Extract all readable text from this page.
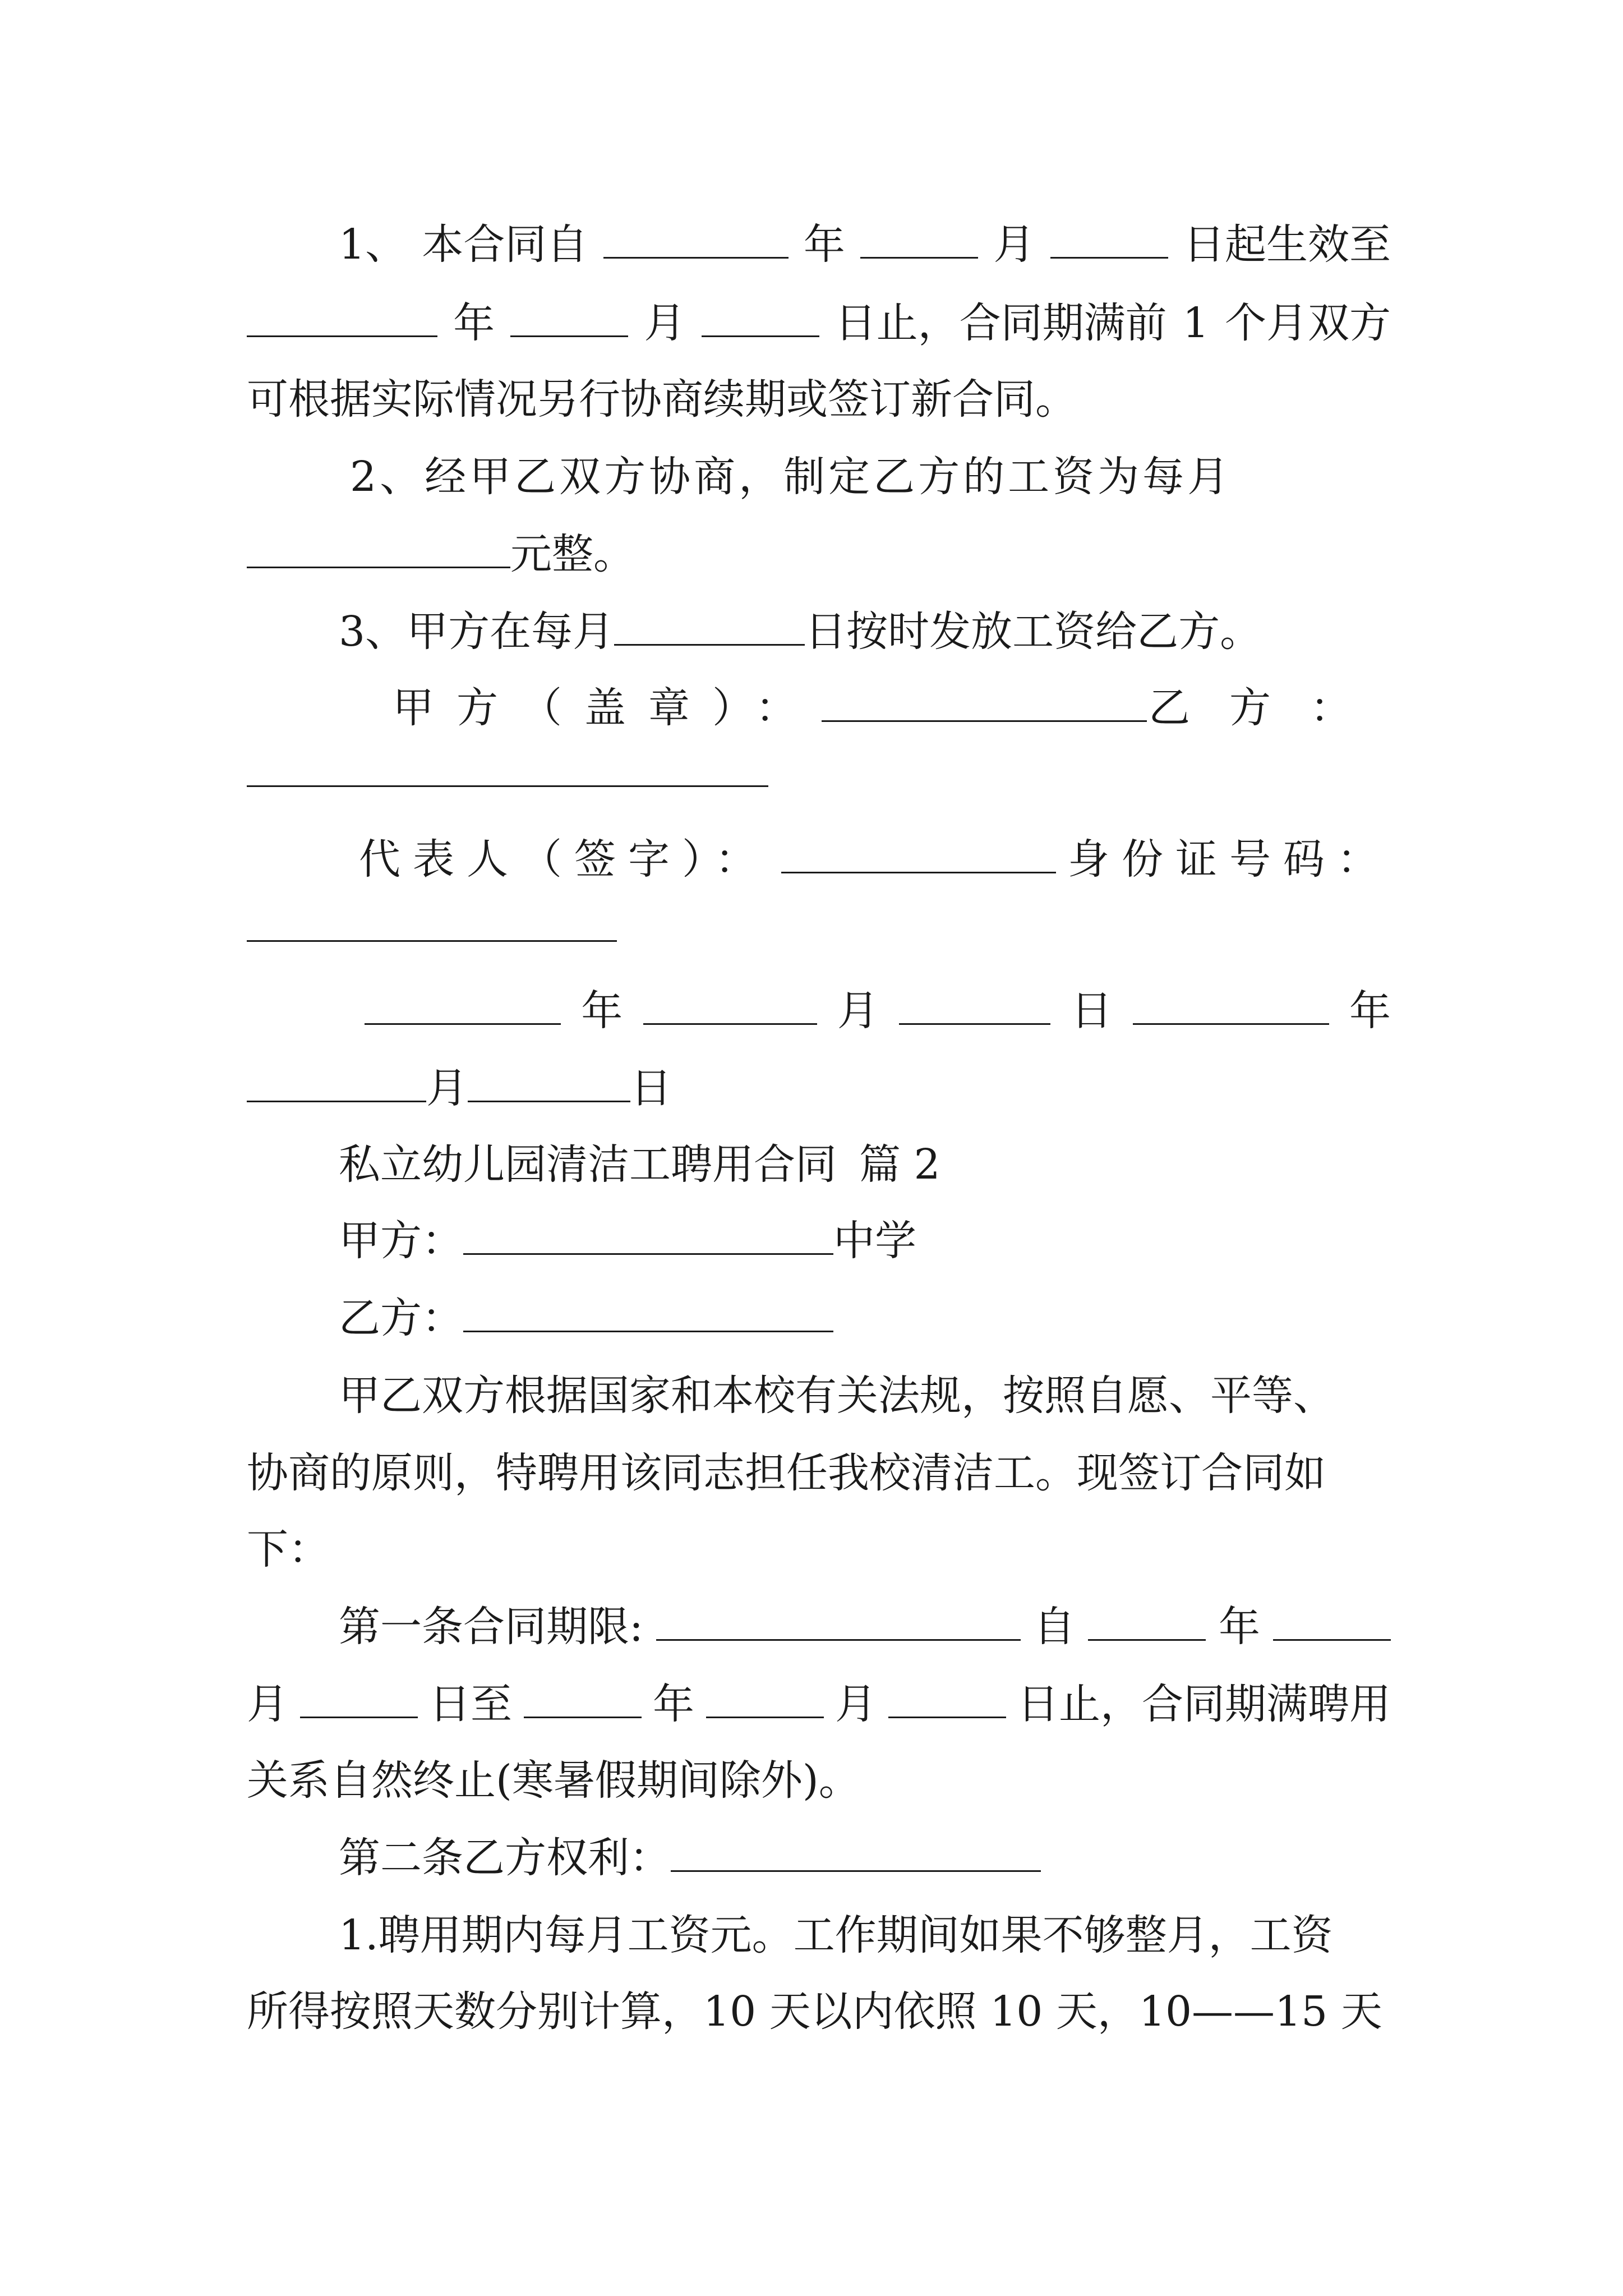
1、 本合同自	年	月	日起生效至
年	月	日止，合同期满前 1 个月双方
可根据实际情况另行协商续期或签订新合同。
2、 经甲乙双方协商，制定乙方的工资为每月
元整。
3、甲方在每月	日按时发放工资给乙方。
甲方（盖章）：	乙方：
代表人（签字）：	身份证号码：
年	月	日	年
月	日
私立幼儿园清洁工聘用合同 篇 2
甲方：	中学
乙方：
甲乙双方根据国家和本校有关法规，按照自愿、平等、
协商的原则，特聘用该同志担任我校清洁工。现签订合同如
下：
第一条合同期限:	自	年
月	日至	年	月	日止，合同期满聘用
关系自然终止(寒暑假期间除外)。
第二条乙方权利：
1.聘用期内每月工资元。工作期间如果不够整月，工资
所得按照天数分别计算，10 天以内依照 10 天，10——15 天
